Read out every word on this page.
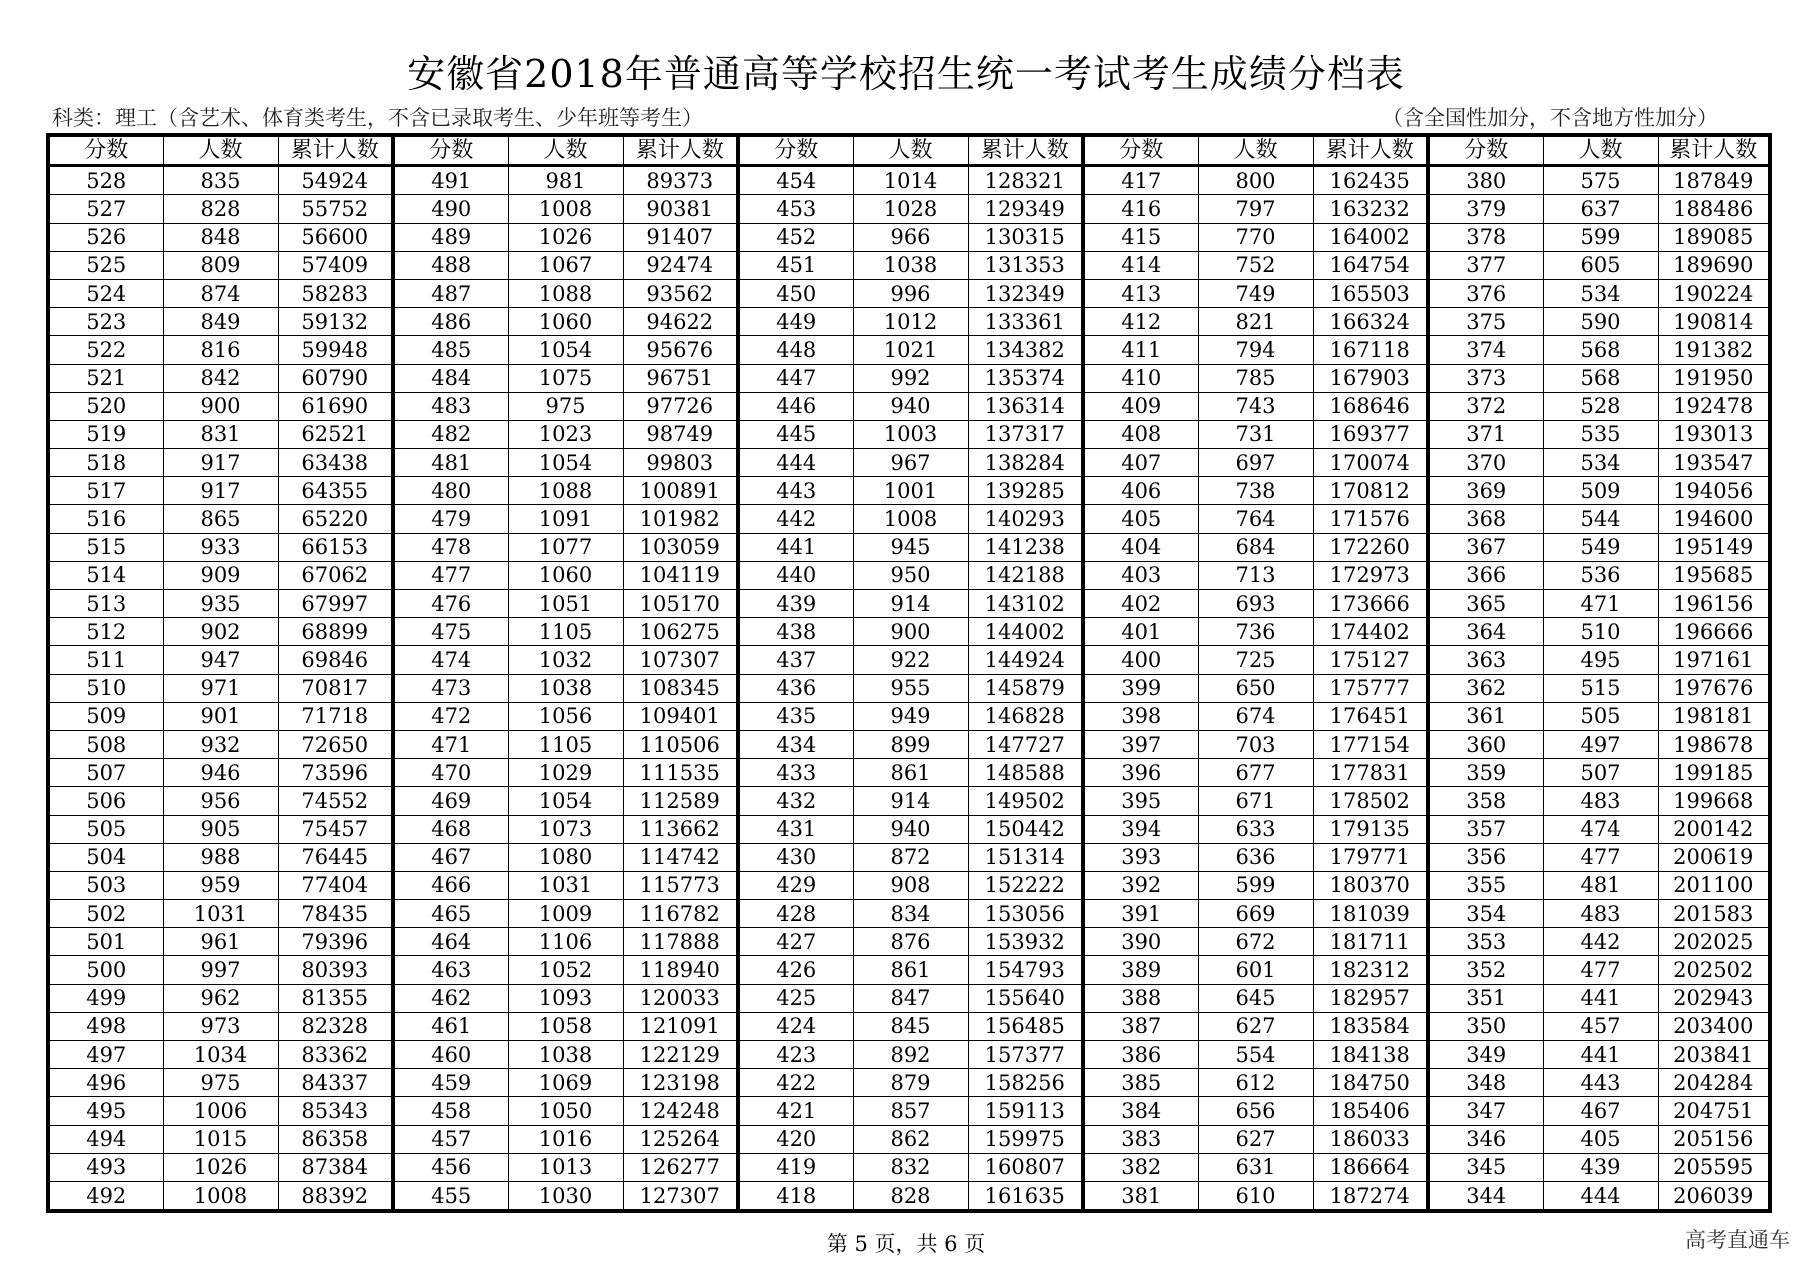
安徽省2018年普通高等学校招生统一考试考生成绩分档表
科类：理工（含艺术、体育类考生，不含已录取考生、少年班等考生）	（含全国性加分，不含地方性加分）
分数	人数	累计人数	分数	人数	累计人数	分数	人数	累计人数	分数	人数	累计人数	分数	人数	累计人数
528	835	54924	491	981	89373	454	1014	128321	417	800	162435	380	575	187849
527	828	55752	490	1008	90381	453	1028	129349	416	797	163232	379	637	188486
526	848	56600	489	1026	91407	452	966	130315	415	770	164002	378	599	189085
525	809	57409	488	1067	92474	451	1038	131353	414	752	164754	377	605	189690
524	874	58283	487	1088	93562	450	996	132349	413	749	165503	376	534	190224
523	849	59132	486	1060	94622	449	1012	133361	412	821	166324	375	590	190814
522	816	59948	485	1054	95676	448	1021	134382	411	794	167118	374	568	191382
521	842	60790	484	1075	96751	447	992	135374	410	785	167903	373	568	191950
520	900	61690	483	975	97726	446	940	136314	409	743	168646	372	528	192478
519	831	62521	482	1023	98749	445	1003	137317	408	731	169377	371	535	193013
518	917	63438	481	1054	99803	444	967	138284	407	697	170074	370	534	193547
517	917	64355	480	1088	100891	443	1001	139285	406	738	170812	369	509	194056
516	865	65220	479	1091	101982	442	1008	140293	405	764	171576	368	544	194600
515	933	66153	478	1077	103059	441	945	141238	404	684	172260	367	549	195149
514	909	67062	477	1060	104119	440	950	142188	403	713	172973	366	536	195685
513	935	67997	476	1051	105170	439	914	143102	402	693	173666	365	471	196156
512	902	68899	475	1105	106275	438	900	144002	401	736	174402	364	510	196666
511	947	69846	474	1032	107307	437	922	144924	400	725	175127	363	495	197161
510	971	70817	473	1038	108345	436	955	145879	399	650	175777	362	515	197676
509	901	71718	472	1056	109401	435	949	146828	398	674	176451	361	505	198181
508	932	72650	471	1105	110506	434	899	147727	397	703	177154	360	497	198678
507	946	73596	470	1029	111535	433	861	148588	396	677	177831	359	507	199185
506	956	74552	469	1054	112589	432	914	149502	395	671	178502	358	483	199668
505	905	75457	468	1073	113662	431	940	150442	394	633	179135	357	474	200142
504	988	76445	467	1080	114742	430	872	151314	393	636	179771	356	477	200619
503	959	77404	466	1031	115773	429	908	152222	392	599	180370	355	481	201100
502	1031	78435	465	1009	116782	428	834	153056	391	669	181039	354	483	201583
501	961	79396	464	1106	117888	427	876	153932	390	672	181711	353	442	202025
500	997	80393	463	1052	118940	426	861	154793	389	601	182312	352	477	202502
499	962	81355	462	1093	120033	425	847	155640	388	645	182957	351	441	202943
498	973	82328	461	1058	121091	424	845	156485	387	627	183584	350	457	203400
497	1034	83362	460	1038	122129	423	892	157377	386	554	184138	349	441	203841
496	975	84337	459	1069	123198	422	879	158256	385	612	184750	348	443	204284
495	1006	85343	458	1050	124248	421	857	159113	384	656	185406	347	467	204751
494	1015	86358	457	1016	125264	420	862	159975	383	627	186033	346	405	205156
493	1026	87384	456	1013	126277	419	832	160807	382	631	186664	345	439	205595
492	1008	88392	455	1030	127307	418	828	161635	381	610	187274	344	444	206039
第 5 页，共 6 页	高考直通车
